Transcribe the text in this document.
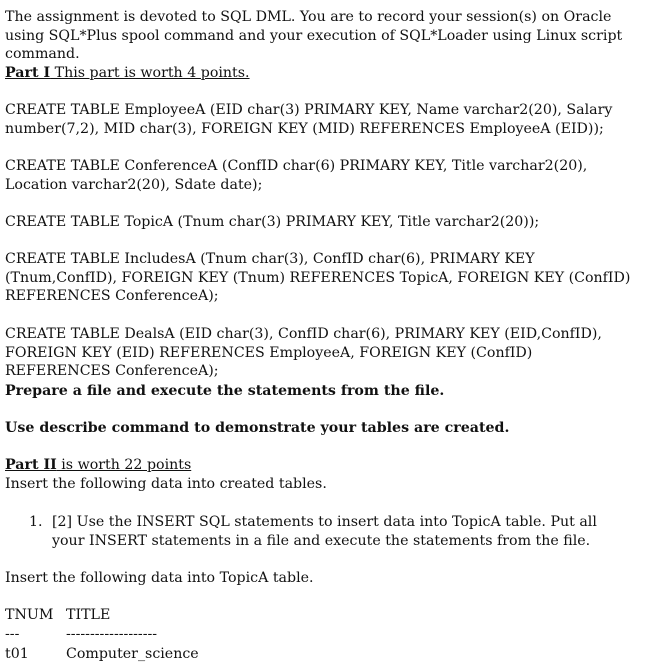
The assignment is devoted to SQL DML. You are to record your session(s) on Oracle using SQL*Plus spool command and your execution of SQL*Loader using Linux script command.

Part I This part is worth 4 points.

CREATE TABLE EmployeeA (EID char(3) PRIMARY KEY, Name varchar2(20), Salary number(7,2), MID char(3), FOREIGN KEY (MID) REFERENCES EmployeeA (EID));

CREATE TABLE ConferenceA (ConfID char(6) PRIMARY KEY, Title varchar2(20), Location varchar2(20), Sdate date);

CREATE TABLE TopicA (Tnum char(3) PRIMARY KEY, Title varchar2(20));

CREATE TABLE IncludesA (Tnum char(3), ConfID char(6), PRIMARY KEY (Tnum,ConfID), FOREIGN KEY (Tnum) REFERENCES TopicA, FOREIGN KEY (ConfID) REFERENCES ConferenceA);

CREATE TABLE DealsA (EID char(3), ConfID char(6), PRIMARY KEY (EID,ConfID), FOREIGN KEY (EID) REFERENCES EmployeeA, FOREIGN KEY (ConfID) REFERENCES ConferenceA);

Prepare a file and execute the statements from the file.

Use describe command to demonstrate your tables are created.

Part II is worth 22 points

Insert the following data into created tables.

1. [2] Use the INSERT SQL statements to insert data into TopicA table. Put all your INSERT statements in a file and execute the statements from the file.

Insert the following data into TopicA table.

TNUM TITLE
---	-------------------
t01	Computer_science
